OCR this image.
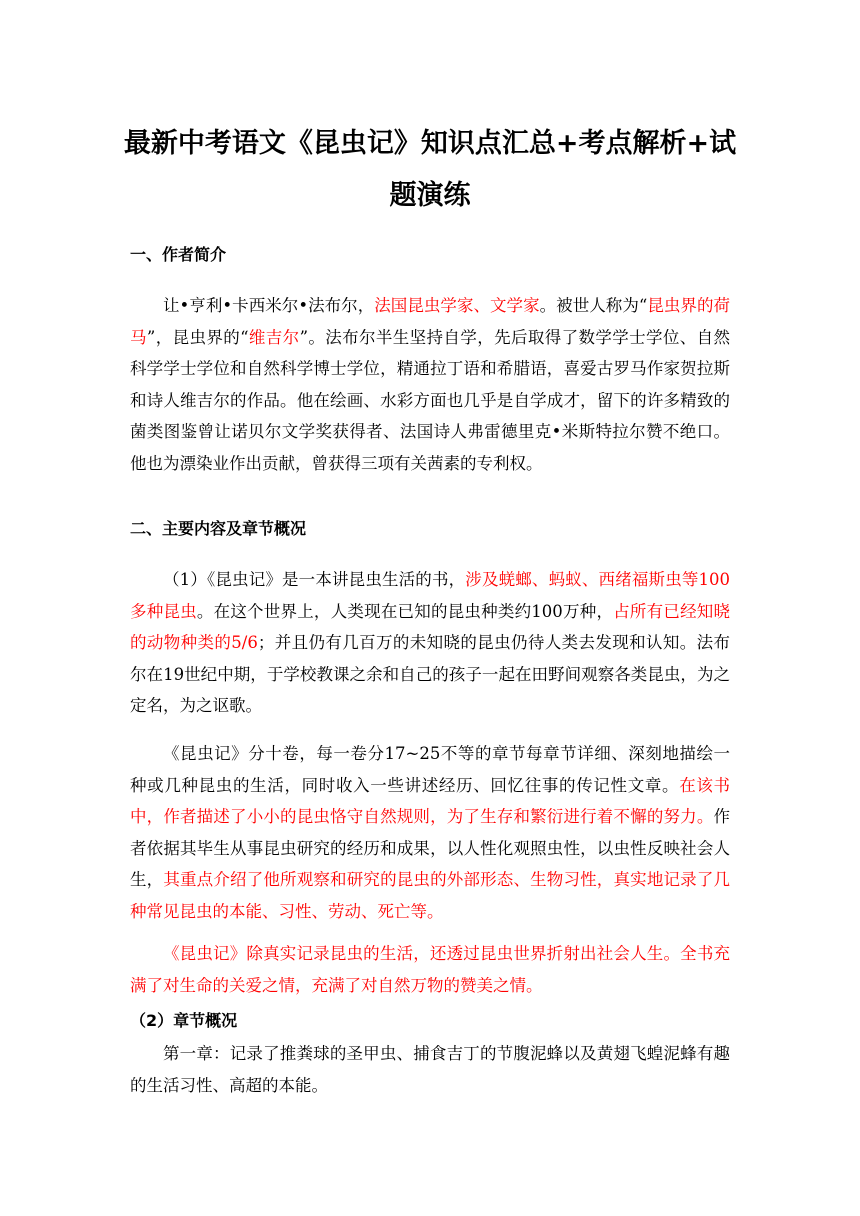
最新中考语文《昆虫记》知识点汇总+考点解析+试题演练
一、作者简介

让•亨利•卡西米尔•法布尔，法国昆虫学家、文学家。被世人称为“昆虫界的荷马”，昆虫界的“维吉尔”。法布尔半生坚持自学，先后取得了数学学士学位、自然科学学士学位和自然科学博士学位，精通拉丁语和希腊语，喜爱古罗马作家贺拉斯和诗人维吉尔的作品。他在绘画、水彩方面也几乎是自学成才，留下的许多精致的菌类图鉴曾让诺贝尔文学奖获得者、法国诗人弗雷德里克•米斯特拉尔赞不绝口。他也为漂染业作出贡献，曾获得三项有关茜素的专利权。

二、主要内容及章节概况

（1）《昆虫记》是一本讲昆虫生活的书，涉及蜣螂、蚂蚁、西绪福斯虫等100多种昆虫。在这个世界上，人类现在已知的昆虫种类约100万种，占所有已经知晓的动物种类的5/6；并且仍有几百万的未知晓的昆虫仍待人类去发现和认知。法布尔在19世纪中期，于学校教课之余和自己的孩子一起在田野间观察各类昆虫，为之定名，为之讴歌。

《昆虫记》分十卷，每一卷分17~25不等的章节每章节详细、深刻地描绘一种或几种昆虫的生活，同时收入一些讲述经历、回忆往事的传记性文章。在该书中，作者描述了小小的昆虫恪守自然规则，为了生存和繁衍进行着不懈的努力。作者依据其毕生从事昆虫研究的经历和成果，以人性化观照虫性，以虫性反映社会人生，其重点介绍了他所观察和研究的昆虫的外部形态、生物习性，真实地记录了几种常见昆虫的本能、习性、劳动、死亡等。

《昆虫记》除真实记录昆虫的生活，还透过昆虫世界折射出社会人生。全书充满了对生命的关爱之情，充满了对自然万物的赞美之情。

（2）章节概况

第一章：记录了推粪球的圣甲虫、捕食吉丁的节腹泥蜂以及黄翅飞蝗泥蜂有趣的生活习性、高超的本能。
